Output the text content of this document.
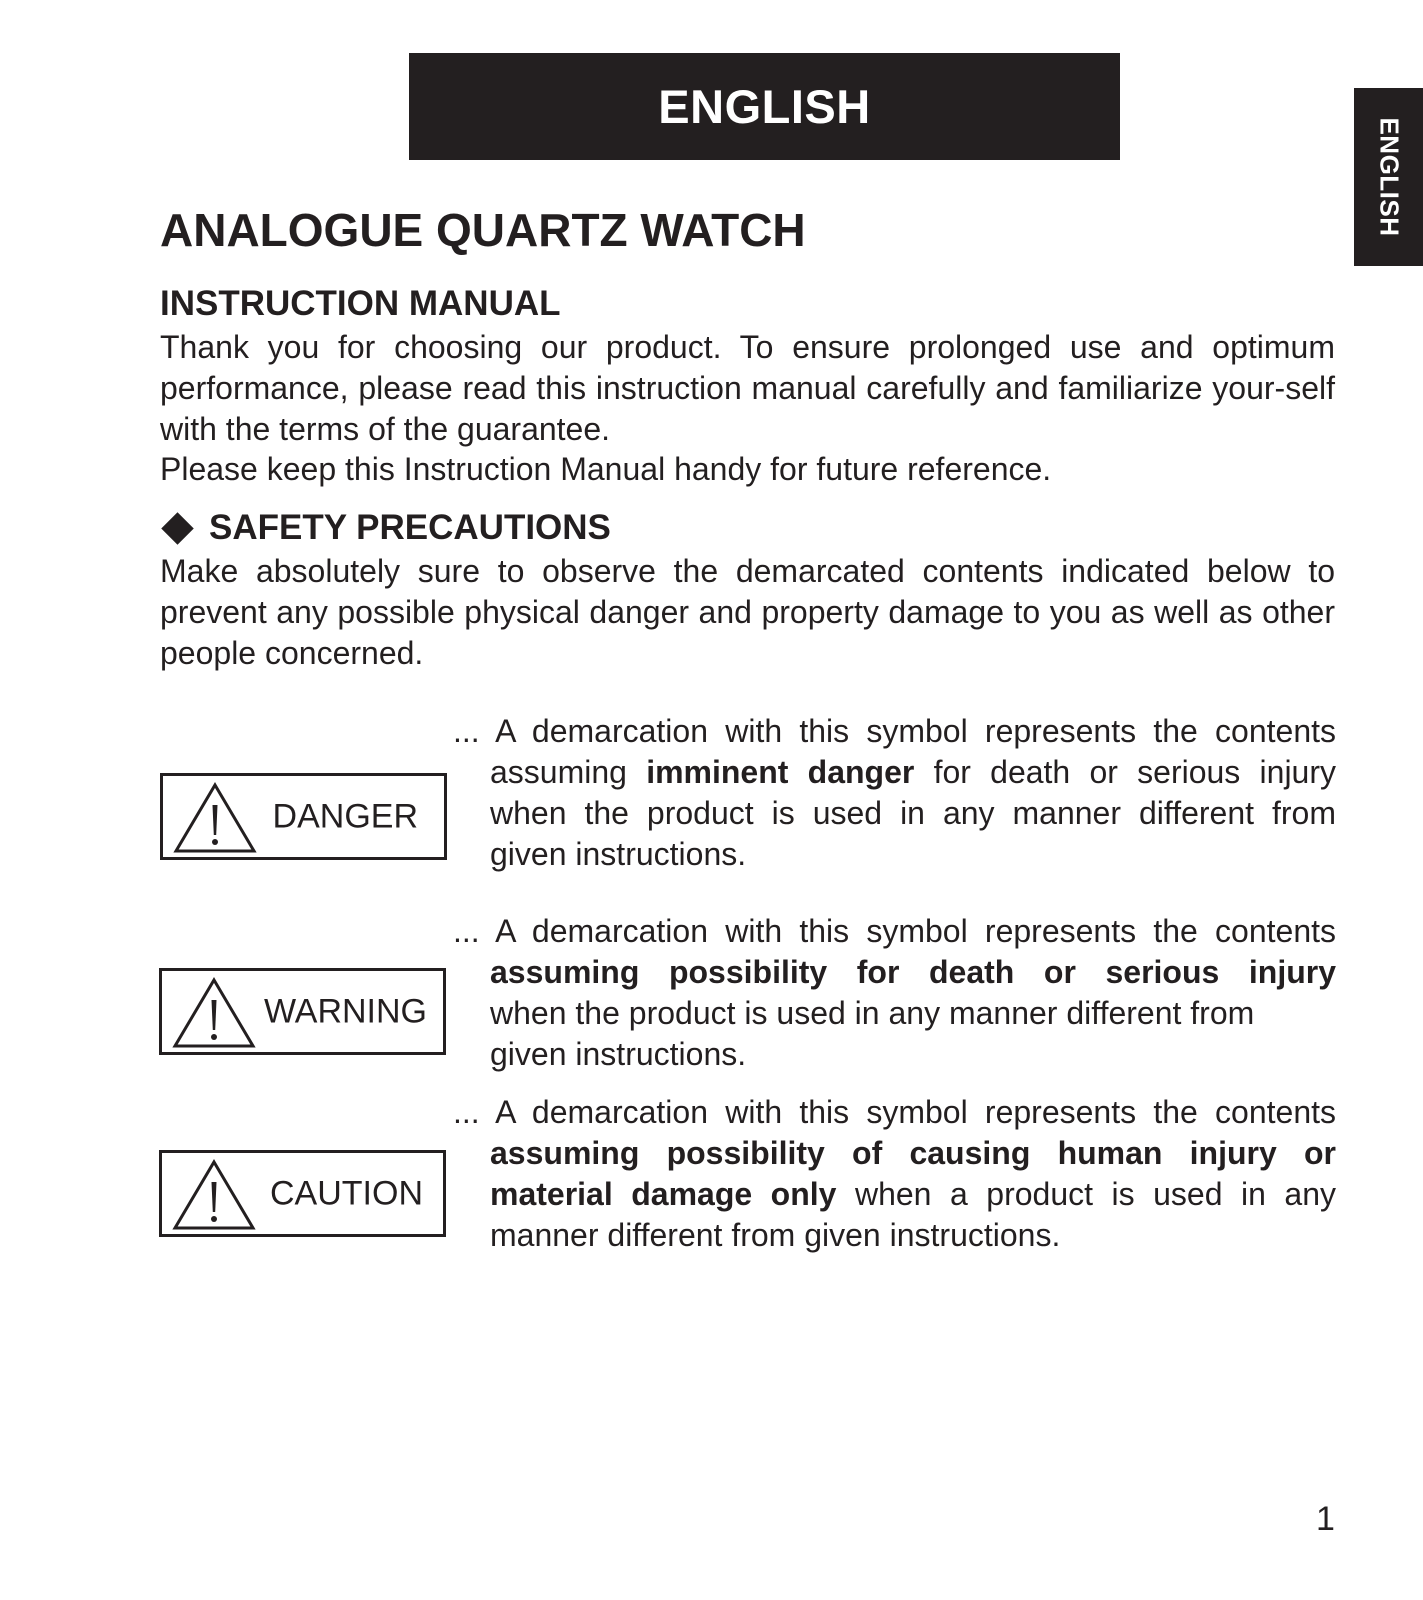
ENGLISH
ENGLISH
ANALOGUE QUARTZ WATCH
INSTRUCTION MANUAL

Thank you for choosing our product. To ensure prolonged use and optimum performance, please read this instruction manual carefully and familiarize your-self with the terms of the guarantee.

Please keep this Instruction Manual handy for future reference.

SAFETY PRECAUTIONS

Make absolutely sure to observe the demarcated contents indicated below to prevent any possible physical danger and property damage to you as well as other people concerned.

DANGER
... A demarcation with this symbol represents the contents
assuming imminent danger for death or serious injury when the product is used in any manner different from given instructions.
WARNING
... A demarcation with this symbol represents the contents
assuming possibility for death or serious injury
when the product is used in any manner different from given instructions.
CAUTION
... A demarcation with this symbol represents the contents
assuming possibility of causing human injury or material damage only when a product is used in any manner different from given instructions.
1
